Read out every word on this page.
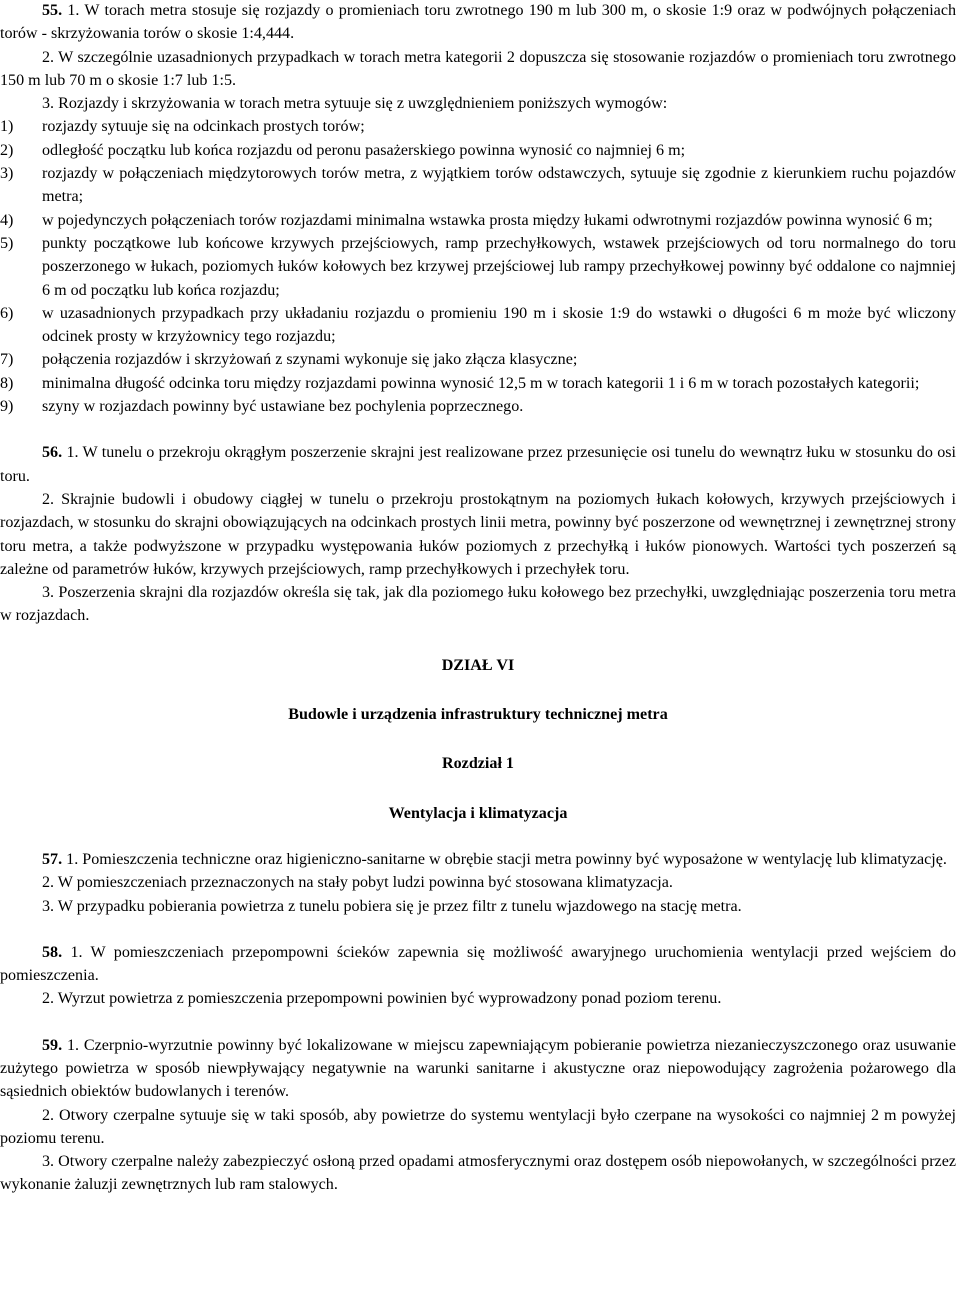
55. 1. W torach metra stosuje się rozjazdy o promieniach toru zwrotnego 190 m lub 300 m, o skosie 1:9 oraz w podwójnych połączeniach torów - skrzyżowania torów o skosie 1:4,444.

2. W szczególnie uzasadnionych przypadkach w torach metra kategorii 2 dopuszcza się stosowanie rozjazdów o promieniach toru zwrotnego 150 m lub 70 m o skosie 1:7 lub 1:5.

3. Rozjazdy i skrzyżowania w torach metra sytuuje się z uwzględnieniem poniższych wymogów:

1) rozjazdy sytuuje się na odcinkach prostych torów;
2) odległość początku lub końca rozjazdu od peronu pasażerskiego powinna wynosić co najmniej 6 m;
3) rozjazdy w połączeniach międzytorowych torów metra, z wyjątkiem torów odstawczych, sytuuje się zgodnie z kierunkiem ruchu pojazdów metra;
4) w pojedynczych połączeniach torów rozjazdami minimalna wstawka prosta między łukami odwrotnymi rozjazdów powinna wynosić 6 m;
5) punkty początkowe lub końcowe krzywych przejściowych, ramp przechyłkowych, wstawek przejściowych od toru normalnego do toru poszerzonego w łukach, poziomych łuków kołowych bez krzywej przejściowej lub rampy przechyłkowej powinny być oddalone co najmniej 6 m od początku lub końca rozjazdu;
6) w uzasadnionych przypadkach przy układaniu rozjazdu o promieniu 190 m i skosie 1:9 do wstawki o długości 6 m może być wliczony odcinek prosty w krzyżownicy tego rozjazdu;
7) połączenia rozjazdów i skrzyżowań z szynami wykonuje się jako złącza klasyczne;
8) minimalna długość odcinka toru między rozjazdami powinna wynosić 12,5 m w torach kategorii 1 i 6 m w torach pozostałych kategorii;
9) szyny w rozjazdach powinny być ustawiane bez pochylenia poprzecznego.

56. 1. W tunelu o przekroju okrągłym poszerzenie skrajni jest realizowane przez przesunięcie osi tunelu do wewnątrz łuku w stosunku do osi toru.

2. Skrajnie budowli i obudowy ciągłej w tunelu o przekroju prostokątnym na poziomych łukach kołowych, krzywych przejściowych i rozjazdach, w stosunku do skrajni obowiązujących na odcinkach prostych linii metra, powinny być poszerzone od wewnętrznej i zewnętrznej strony toru metra, a także podwyższone w przypadku występowania łuków poziomych z przechyłką i łuków pionowych. Wartości tych poszerzeń są zależne od parametrów łuków, krzywych przejściowych, ramp przechyłkowych i przechyłek toru.

3. Poszerzenia skrajni dla rozjazdów określa się tak, jak dla poziomego łuku kołowego bez przechyłki, uwzględniając poszerzenia toru metra w rozjazdach.

DZIAŁ VI

Budowle i urządzenia infrastruktury technicznej metra

Rozdział 1

Wentylacja i klimatyzacja

57. 1. Pomieszczenia techniczne oraz higieniczno-sanitarne w obrębie stacji metra powinny być wyposażone w wentylację lub klimatyzację.

2. W pomieszczeniach przeznaczonych na stały pobyt ludzi powinna być stosowana klimatyzacja.

3. W przypadku pobierania powietrza z tunelu pobiera się je przez filtr z tunelu wjazdowego na stację metra.

58. 1. W pomieszczeniach przepompowni ścieków zapewnia się możliwość awaryjnego uruchomienia wentylacji przed wejściem do pomieszczenia.

2. Wyrzut powietrza z pomieszczenia przepompowni powinien być wyprowadzony ponad poziom terenu.

59. 1. Czerpnio-wyrzutnie powinny być lokalizowane w miejscu zapewniającym pobieranie powietrza niezanieczyszczonego oraz usuwanie zużytego powietrza w sposób niewpływający negatywnie na warunki sanitarne i akustyczne oraz niepowodujący zagrożenia pożarowego dla sąsiednich obiektów budowlanych i terenów.

2. Otwory czerpalne sytuuje się w taki sposób, aby powietrze do systemu wentylacji było czerpane na wysokości co najmniej 2 m powyżej poziomu terenu.

3. Otwory czerpalne należy zabezpieczyć osłoną przed opadami atmosferycznymi oraz dostępem osób niepowołanych, w szczególności przez wykonanie żaluzji zewnętrznych lub ram stalowych.
